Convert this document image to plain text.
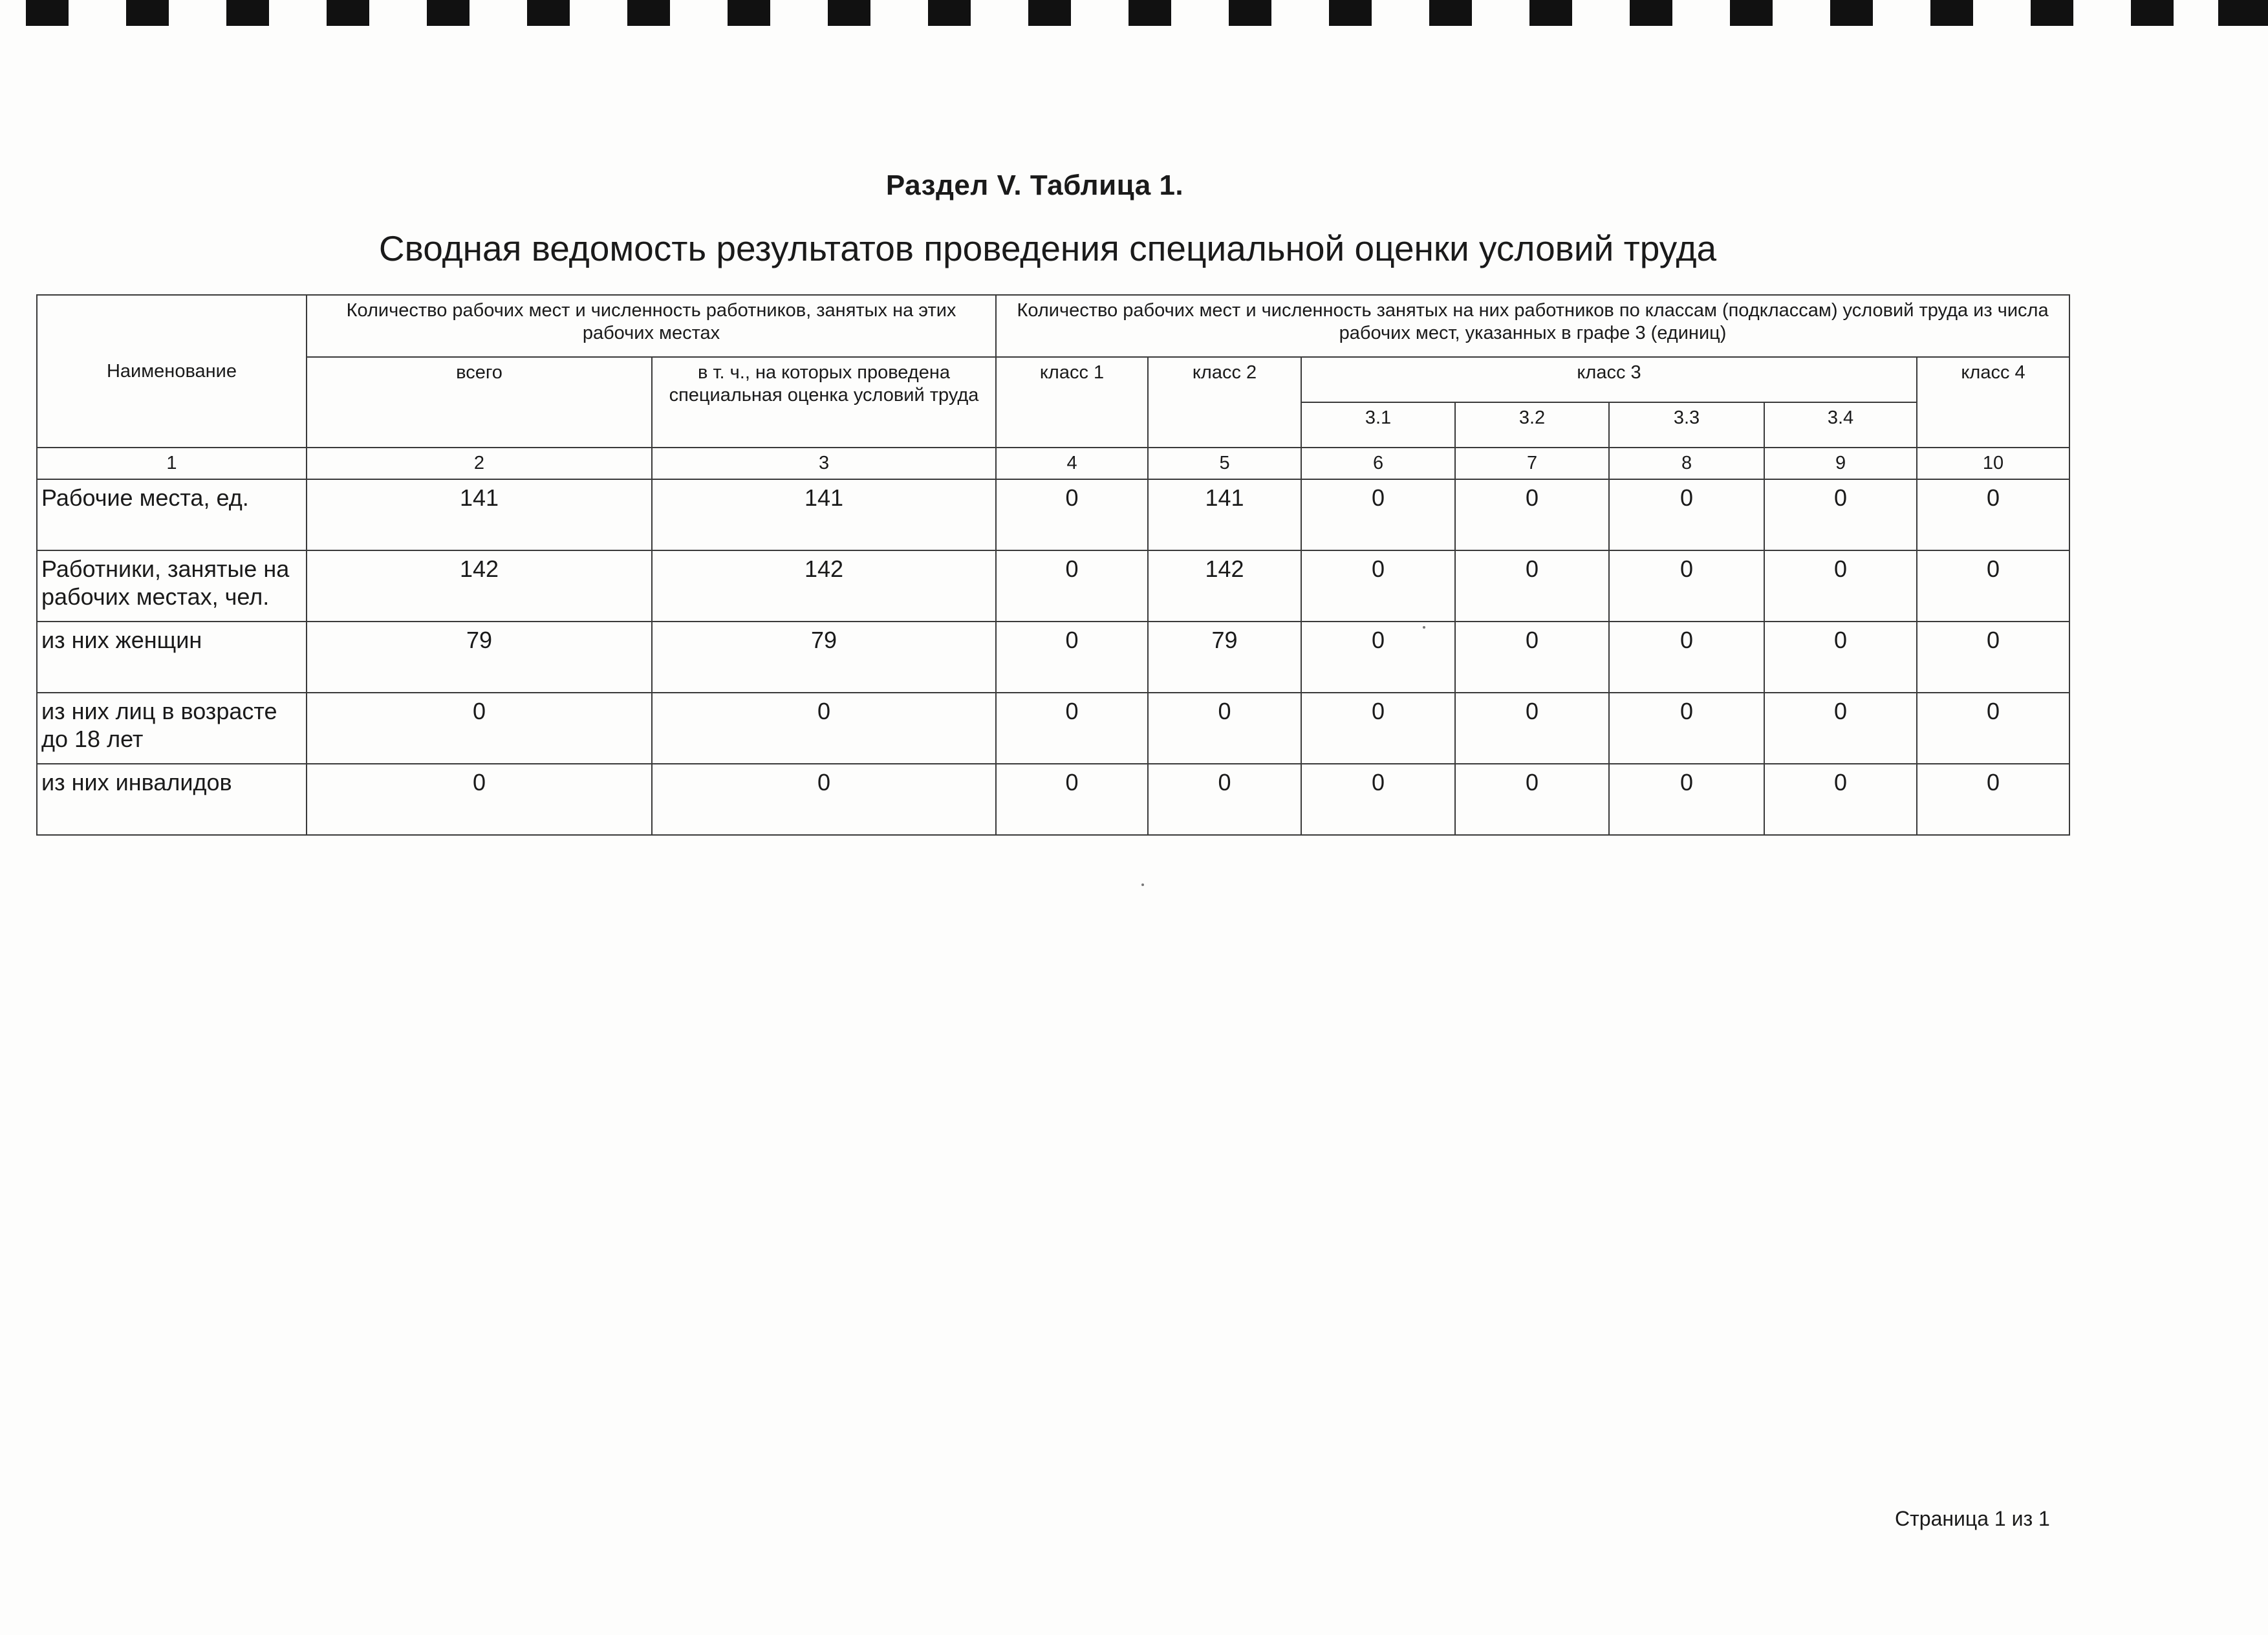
Раздел V. Таблица 1.
Сводная ведомость результатов проведения специальной оценки условий труда
Наименование	Количество рабочих мест и численность работников, занятых на этих рабочих местах		Количество рабочих мест и численность занятых на них работников по классам (подклассам) условий труда из числа рабочих мест, указанных в графе 3 (единиц)						
	всего	в т. ч., на которых проведена специальная оценка условий труда	класс 1	класс 2	класс 3				класс 4
					3.1	3.2	3.3	3.4	
1	2	3	4	5	6	7	8	9	10
Рабочие места, ед.	141	141	0	141	0	0	0	0	0
Работники, занятые на рабочих местах, чел.	142	142	0	142	0	0	0	0	0
из них женщин	79	79	0	79	0	0	0	0	0
из них лиц в возрасте до 18 лет	0	0	0	0	0	0	0	0	0
из них инвалидов	0	0	0	0	0	0	0	0	0
Страница 1 из 1
